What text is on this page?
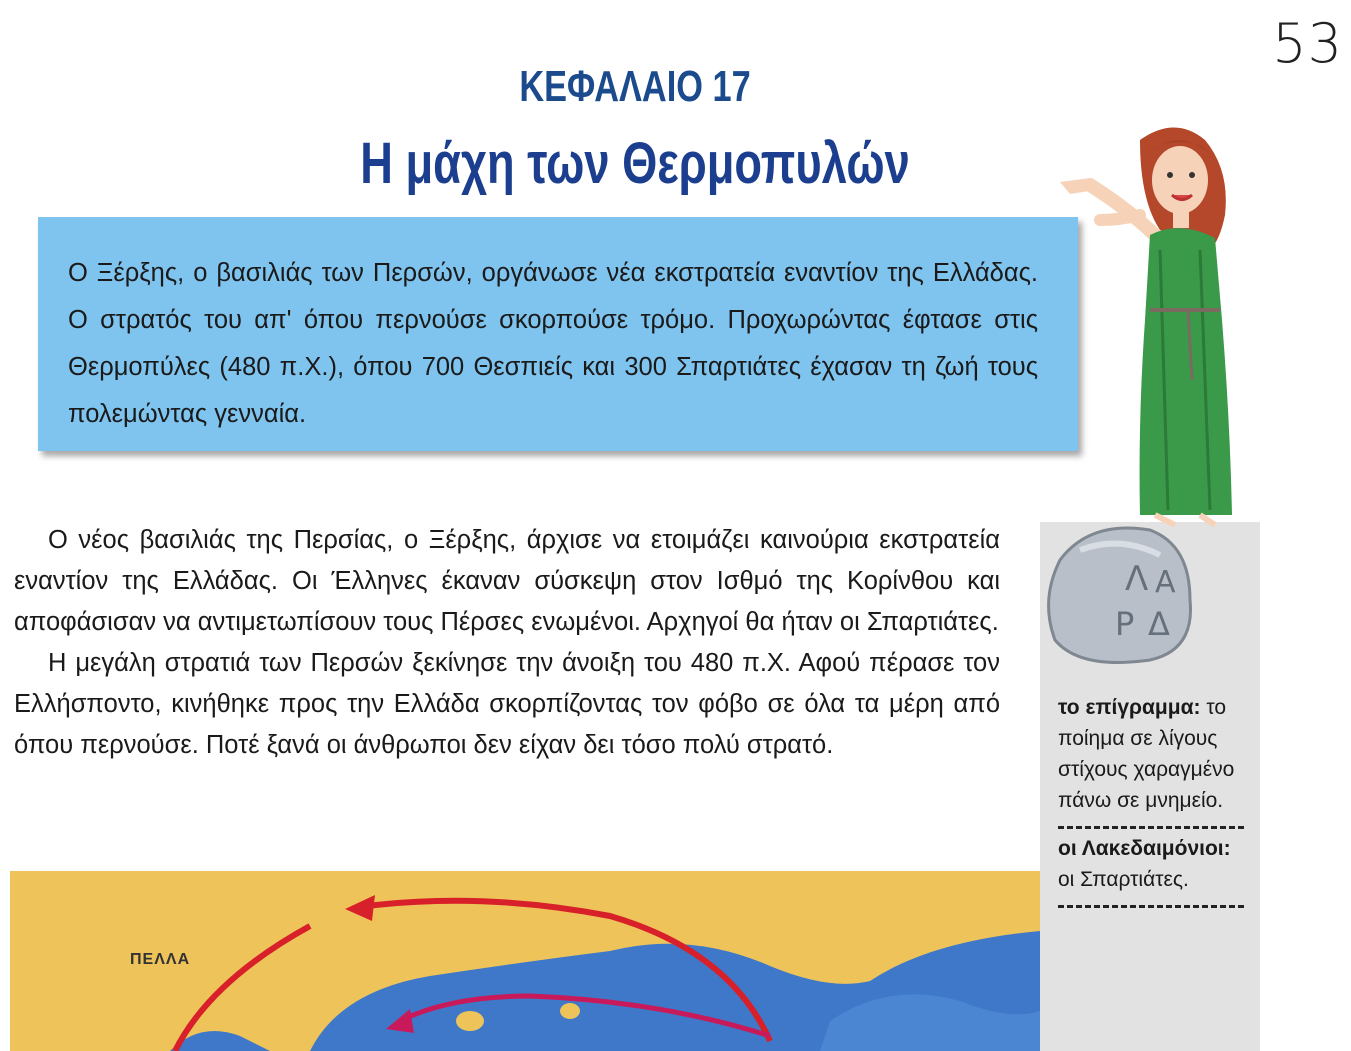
53
ΚΕΦΑΛΑΙΟ 17
Η μάχη των Θερμοπυλών

Ο Ξέρξης, ο βασιλιάς των Περσών, οργάνωσε νέα εκστρατεία εναντίον της Ελλάδας. Ο στρατός του απ' όπου περνούσε σκορπούσε τρόμο. Προχωρώντας έφτασε στις Θερμοπύλες (480 π.Χ.), όπου 700 Θεσπιείς και 300 Σπαρτιάτες έχασαν τη ζωή τους πολεμώντας γενναία.

Ο νέος βασιλιάς της Περσίας, ο Ξέρξης, άρχισε να ετοιμάζει καινούρια εκστρατεία εναντίον της Ελλάδας. Οι Έλληνες έκαναν σύσκεψη στον Ισθμό της Κορίνθου και αποφάσισαν να αντιμετωπίσουν τους Πέρσες ενωμένοι. Αρχηγοί θα ήταν οι Σπαρτιάτες.

Η μεγάλη στρατιά των Περσών ξεκίνησε την άνοιξη του 480 π.Χ. Αφού πέρασε τον Ελλήσποντο, κινήθηκε προς την Ελλάδα σκορπίζοντας τον φόβο σε όλα τα μέρη από όπου περνούσε. Ποτέ ξανά οι άνθρωποι δεν είχαν δει τόσο πολύ στρατό.

Λ Α
Ρ Δ
το επίγραμμα: το ποίημα σε λίγους στίχους χαραγμένο πάνω σε μνημείο.
οι Λακεδαιμόνιοι: οι Σπαρτιάτες.
ΠΕΛΛΑ
